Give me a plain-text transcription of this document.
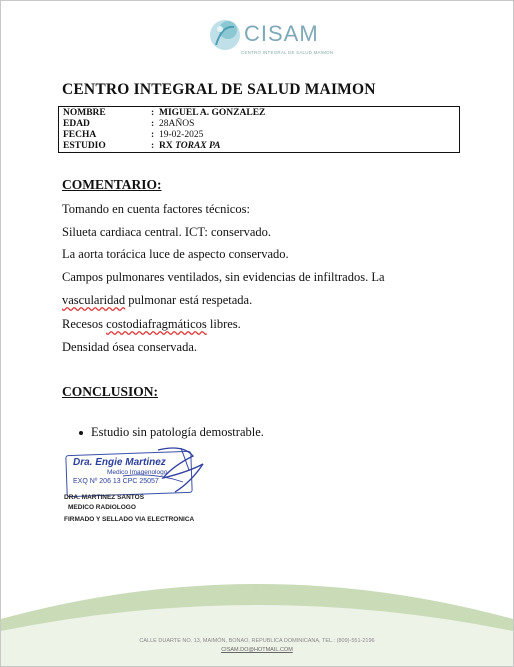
CISAM
CENTRO INTEGRAL DE SALUD MAIMON
CENTRO INTEGRAL DE SALUD MAIMON
NOMBRE	: MIGUEL A. GONZALEZ
EDAD	: 28AÑOS
FECHA	: 19-02-2025
ESTUDIO	: RX TORAX PA
COMENTARIO:
Tomando en cuenta factores técnicos:
Silueta cardiaca central. ICT: conservado.
La aorta torácica luce de aspecto conservado.
Campos pulmonares ventilados, sin evidencias de infiltrados. La
vascularidad pulmonar está respetada.
Recesos costodiafragmáticos libres.
Densidad ósea conservada.
CONCLUSION:
Estudio sin patología demostrable.
Dra. Engie Martinez
Medico Imagenologo
EXQ Nº 206 13 CPC 25057
DRA. MARTINEZ SANTOS
MEDICO RADIOLOGO
FIRMADO Y SELLADO VIA ELECTRONICA
CALLE DUARTE NO. 13, MAIMÓN, BONAO, REPUBLICA DOMINICANA, TEL.: (809)-551-2196
CISAM.DO@HOTMAIL.COM
